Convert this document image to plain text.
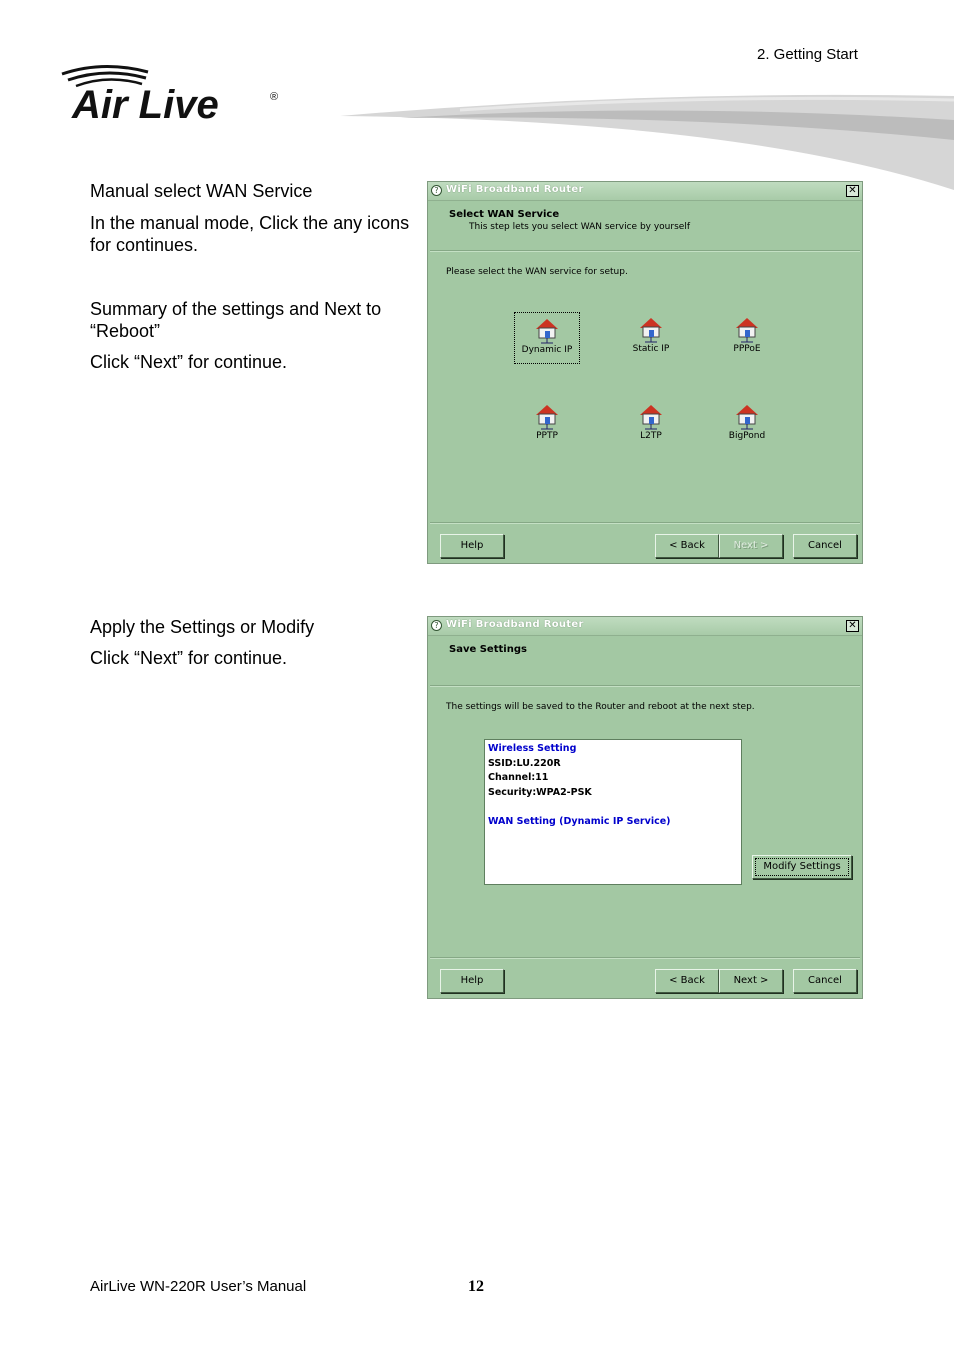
2. Getting Start
Air Live	®
Manual select WAN Service
In the manual mode, Click the any icons for continues.
Summary of the settings and Next to “Reboot”
Click “Next” for continue.
Apply the Settings or Modify
Click “Next” for continue.
? WiFi Broadband Router	✕
Select WAN Service
This step lets you select WAN service by yourself
Please select the WAN service for setup.
Dynamic IP	Static IP	PPPoE
PPTP	L2TP	BigPond
Help	< Back	Next >	Cancel
? WiFi Broadband Router	✕
Save Settings
The settings will be saved to the Router and reboot at the next step.
Wireless Setting
SSID:LU.220R
Channel:11
Security:WPA2-PSK
WAN Setting (Dynamic IP Service)
Modify Settings
Help	< Back	Next >	Cancel
AirLive WN-220R User’s Manual	12
